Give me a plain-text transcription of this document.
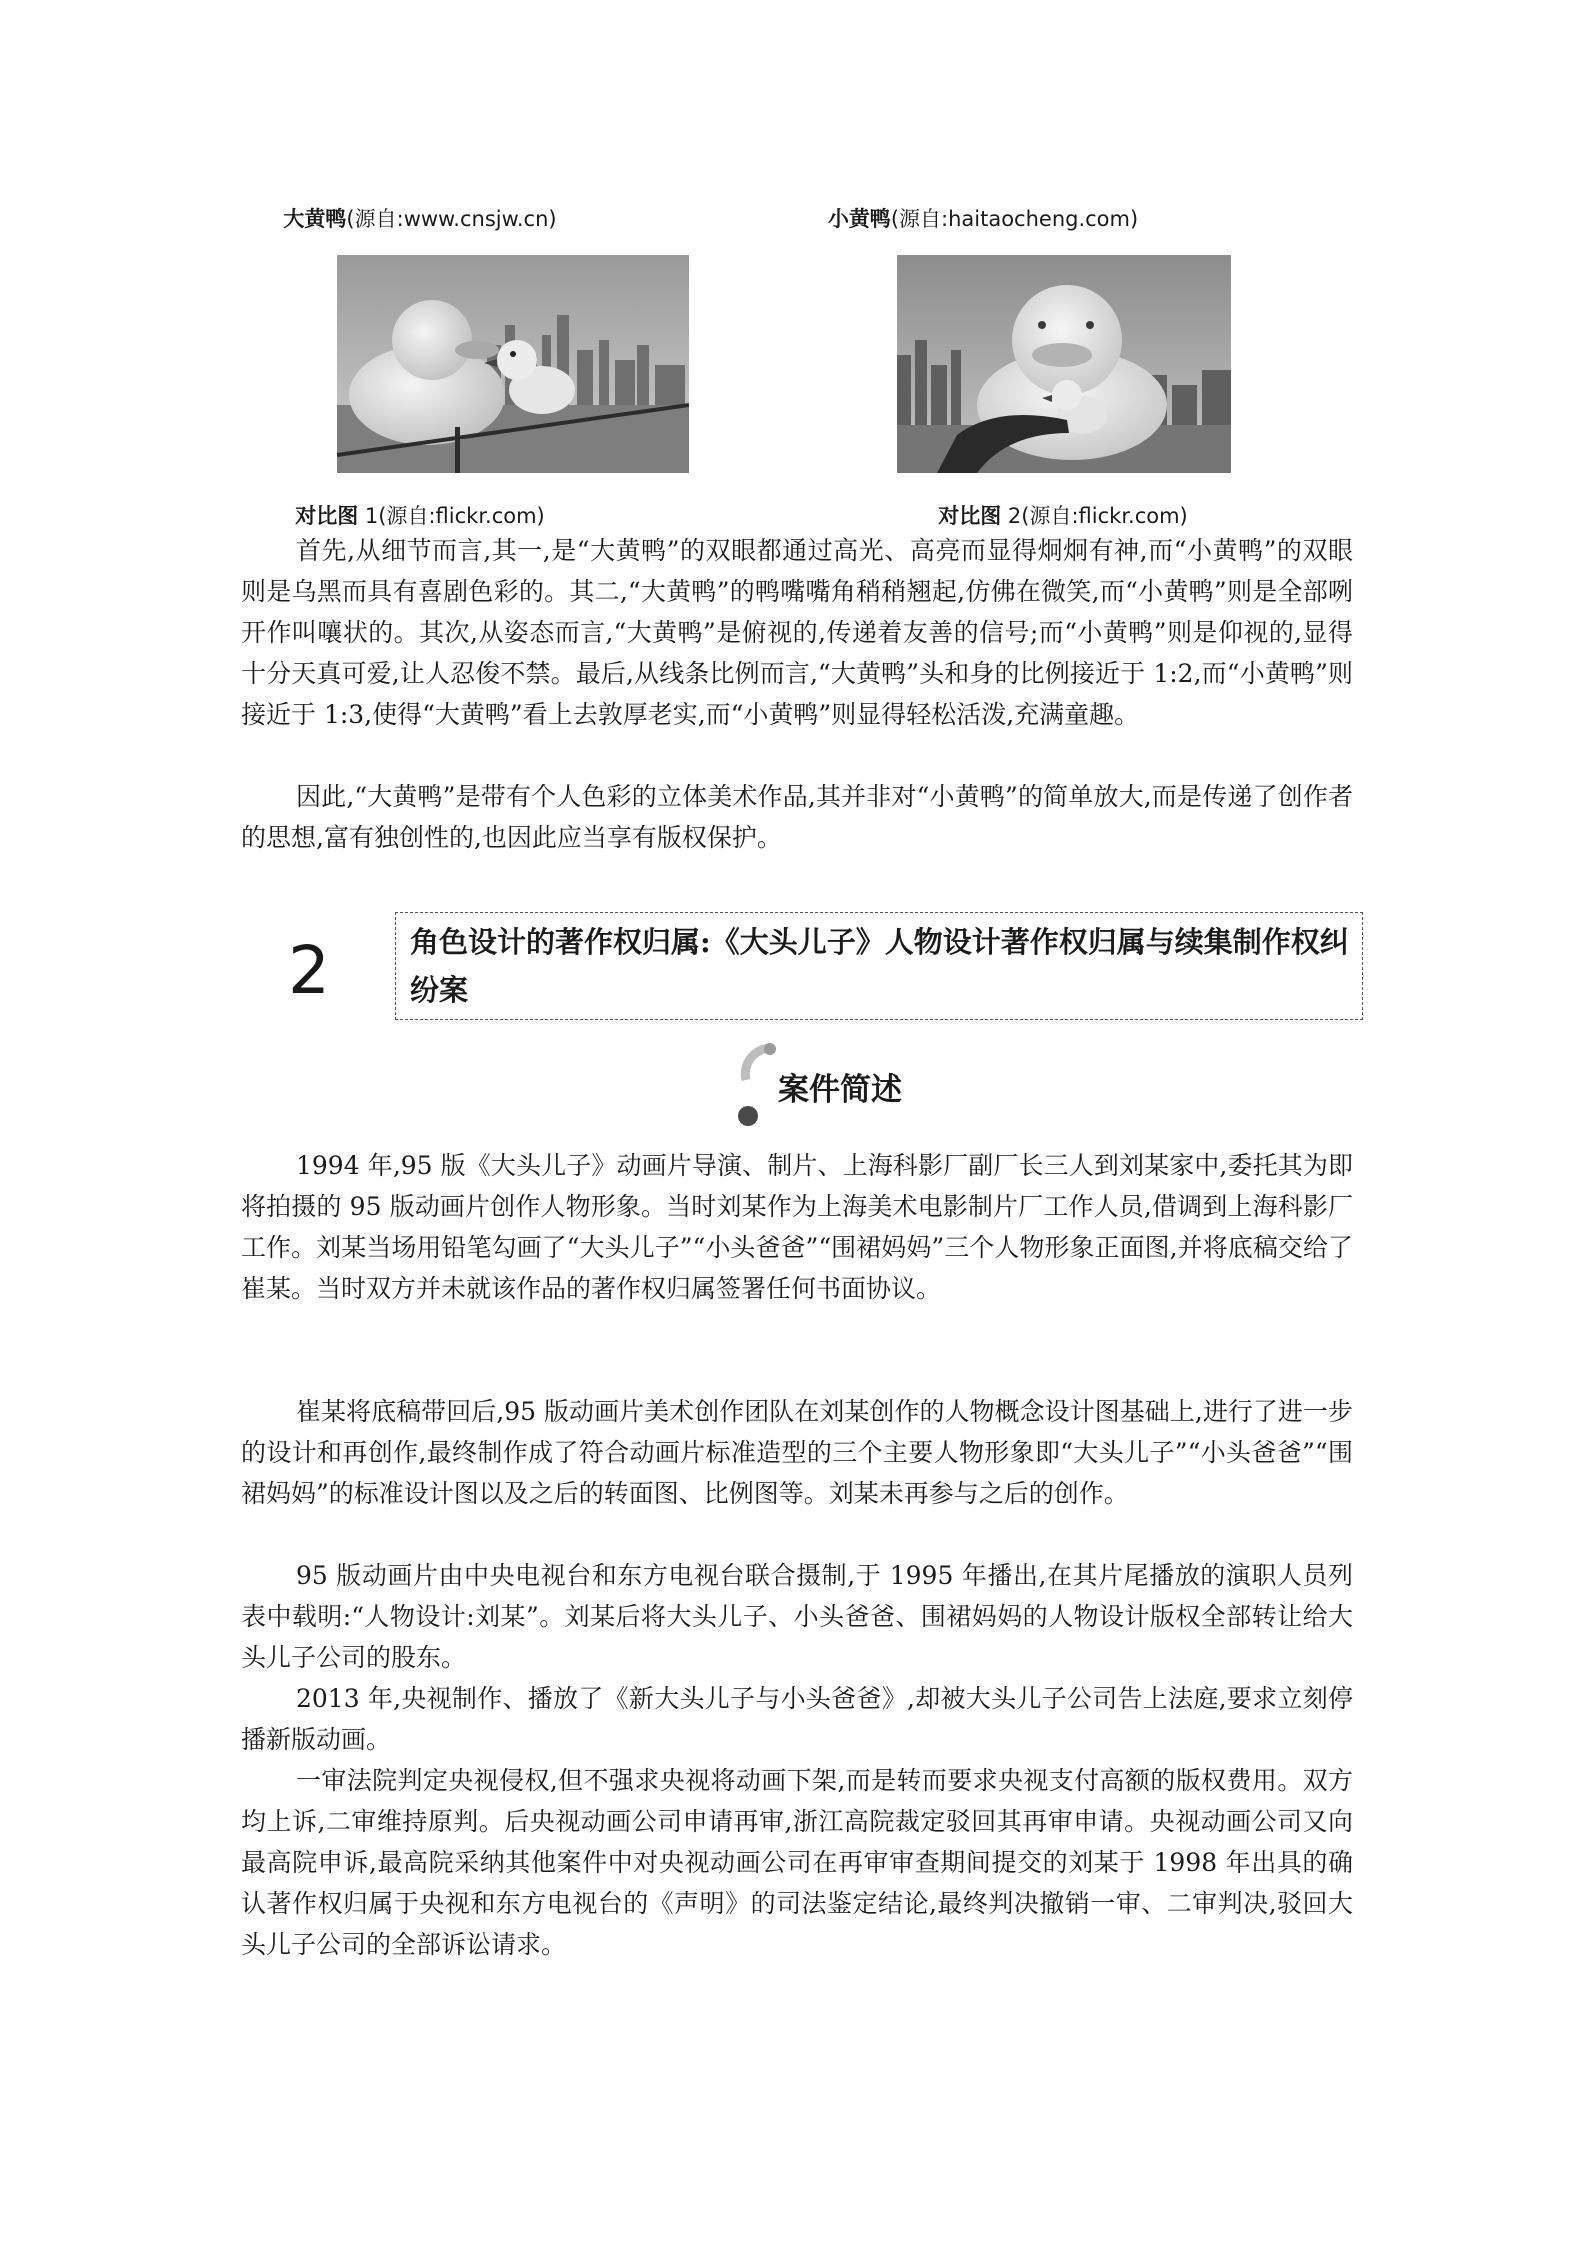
大黄鸭(源自:www.cnsjw.cn)	小黄鸭(源自:haitaocheng.com)
对比图 1(源自:flickr.com)	对比图 2(源自:flickr.com)

首先,从细节而言,其一,是“大黄鸭”的双眼都通过高光、高亮而显得炯炯有神,而“小黄鸭”的双眼则是乌黑而具有喜剧色彩的。其二,“大黄鸭”的鸭嘴嘴角稍稍翘起,仿佛在微笑,而“小黄鸭”则是全部咧开作叫嚷状的。其次,从姿态而言,“大黄鸭”是俯视的,传递着友善的信号;而“小黄鸭”则是仰视的,显得十分天真可爱,让人忍俊不禁。最后,从线条比例而言,“大黄鸭”头和身的比例接近于 1:2,而“小黄鸭”则接近于 1:3,使得“大黄鸭”看上去敦厚老实,而“小黄鸭”则显得轻松活泼,充满童趣。

因此,“大黄鸭”是带有个人色彩的立体美术作品,其并非对“小黄鸭”的简单放大,而是传递了创作者的思想,富有独创性的,也因此应当享有版权保护。

2	角色设计的著作权归属:《大头儿子》人物设计著作权归属与续集制作权纠纷案
案件简述

1994 年,95 版《大头儿子》动画片导演、制片、上海科影厂副厂长三人到刘某家中,委托其为即将拍摄的 95 版动画片创作人物形象。当时刘某作为上海美术电影制片厂工作人员,借调到上海科影厂工作。刘某当场用铅笔勾画了“大头儿子”“小头爸爸”“围裙妈妈”三个人物形象正面图,并将底稿交给了崔某。当时双方并未就该作品的著作权归属签署任何书面协议。

崔某将底稿带回后,95 版动画片美术创作团队在刘某创作的人物概念设计图基础上,进行了进一步的设计和再创作,最终制作成了符合动画片标准造型的三个主要人物形象即“大头儿子”“小头爸爸”“围裙妈妈”的标准设计图以及之后的转面图、比例图等。刘某未再参与之后的创作。

95 版动画片由中央电视台和东方电视台联合摄制,于 1995 年播出,在其片尾播放的演职人员列表中载明:“人物设计:刘某”。刘某后将大头儿子、小头爸爸、围裙妈妈的人物设计版权全部转让给大头儿子公司的股东。

2013 年,央视制作、播放了《新大头儿子与小头爸爸》,却被大头儿子公司告上法庭,要求立刻停播新版动画。

一审法院判定央视侵权,但不强求央视将动画下架,而是转而要求央视支付高额的版权费用。双方均上诉,二审维持原判。后央视动画公司申请再审,浙江高院裁定驳回其再审申请。央视动画公司又向最高院申诉,最高院采纳其他案件中对央视动画公司在再审审查期间提交的刘某于 1998 年出具的确认著作权归属于央视和东方电视台的《声明》的司法鉴定结论,最终判决撤销一审、二审判决,驳回大头儿子公司的全部诉讼请求。
